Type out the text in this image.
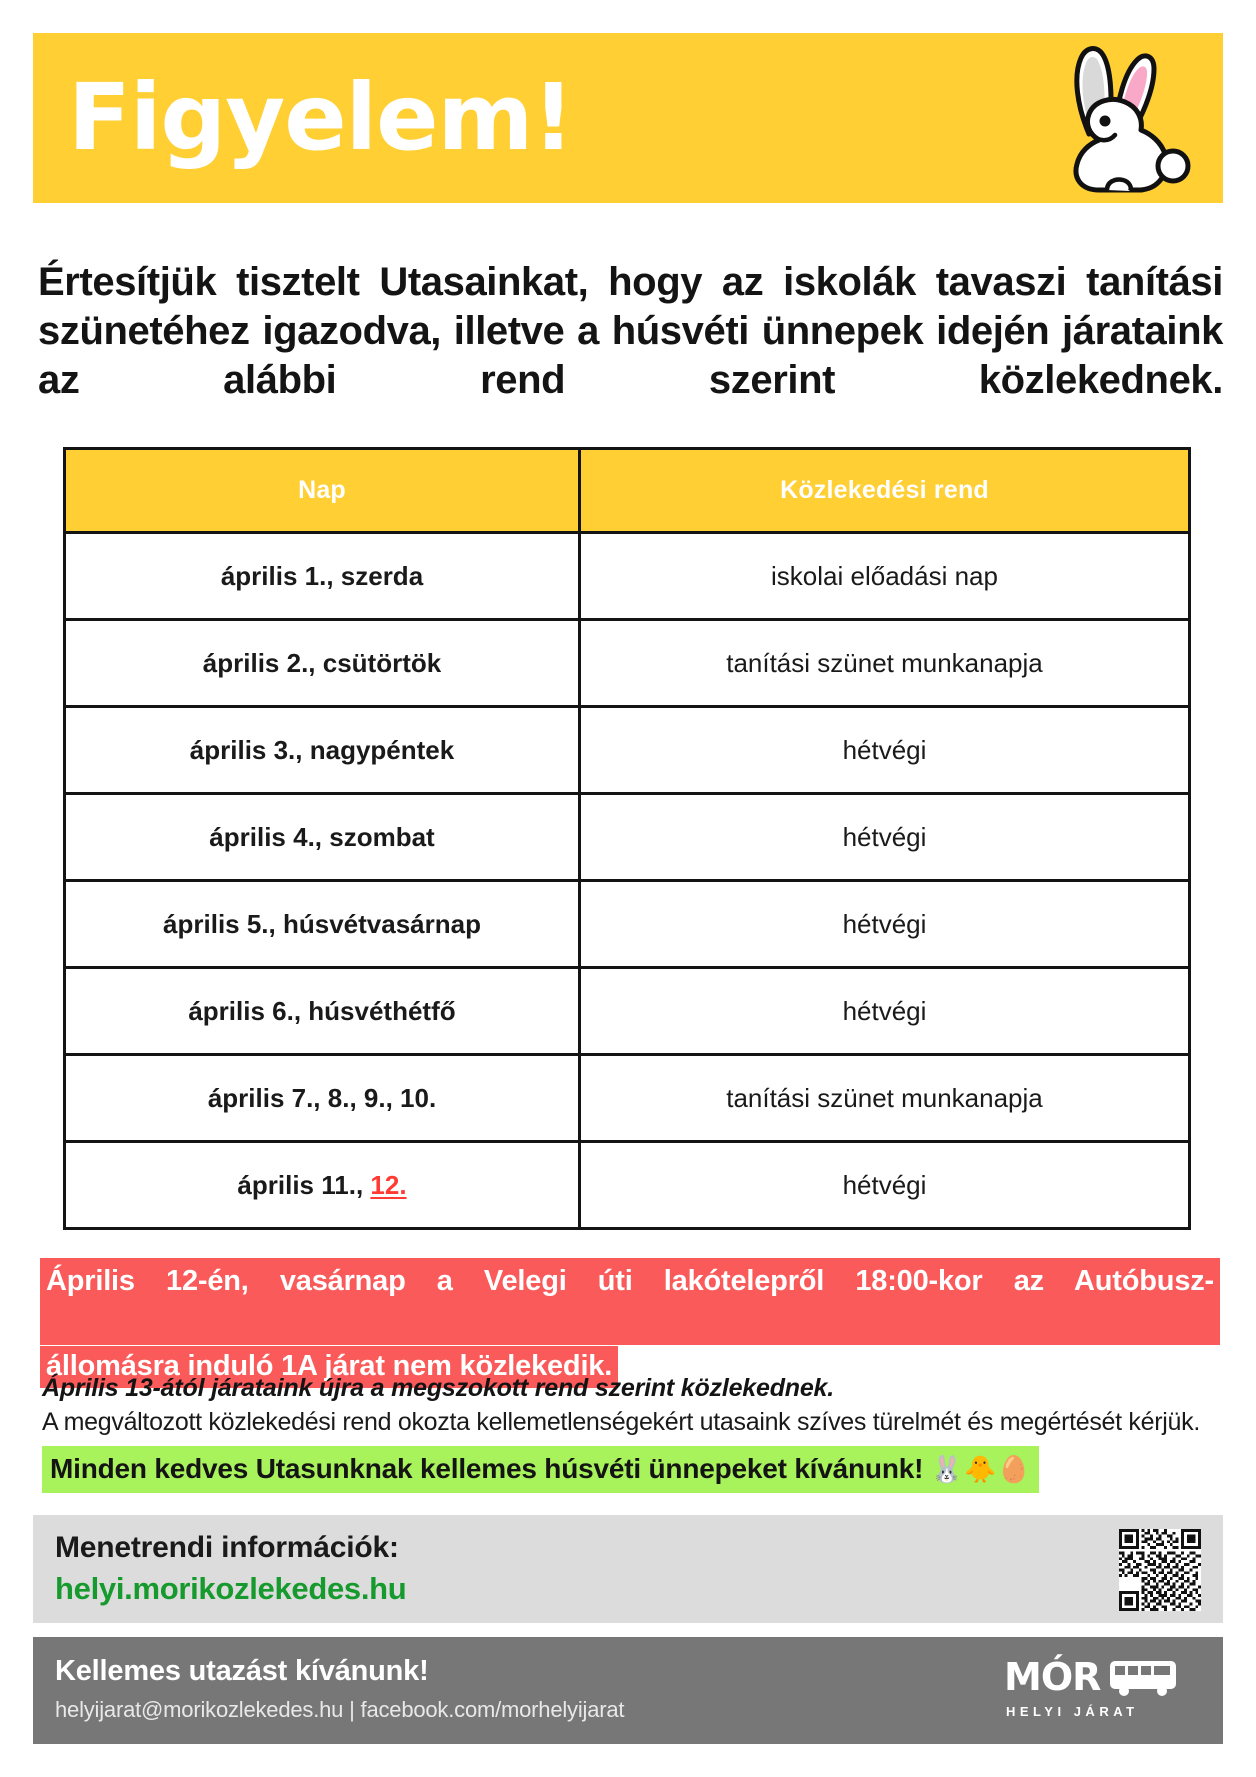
Figyelem!
Értesítjük tisztelt Utasainkat, hogy az iskolák tavaszi tanítási szünetéhez igazodva, illetve a húsvéti ünnepek idején járataink az alábbi rend szerint közlekednek.
Nap	Közlekedési rend
április 1., szerda	iskolai előadási nap
április 2., csütörtök	tanítási szünet munkanapja
április 3., nagypéntek	hétvégi
április 4., szombat	hétvégi
április 5., húsvétvasárnap	hétvégi
április 6., húsvéthétfő	hétvégi
április 7., 8., 9., 10.	tanítási szünet munkanapja
április 11., 12.	hétvégi
Április 12-én, vasárnap a Velegi úti lakótelepről 18:00-kor az Autóbusz-
állomásra induló 1A járat nem közlekedik.
Április 13-ától járataink újra a megszokott rend szerint közlekednek.
A megváltozott közlekedési rend okozta kellemetlenségekért utasaink szíves türelmét és megértését kérjük.
Minden kedves Utasunknak kellemes húsvéti ünnepeket kívánunk! 🐰🐥🥚
Menetrendi információk:
helyi.morikozlekedes.hu
Kellemes utazást kívánunk!
helyijarat@morikozlekedes.hu | facebook.com/morhelyijarat
MÓR
HELYI JÁRAT
